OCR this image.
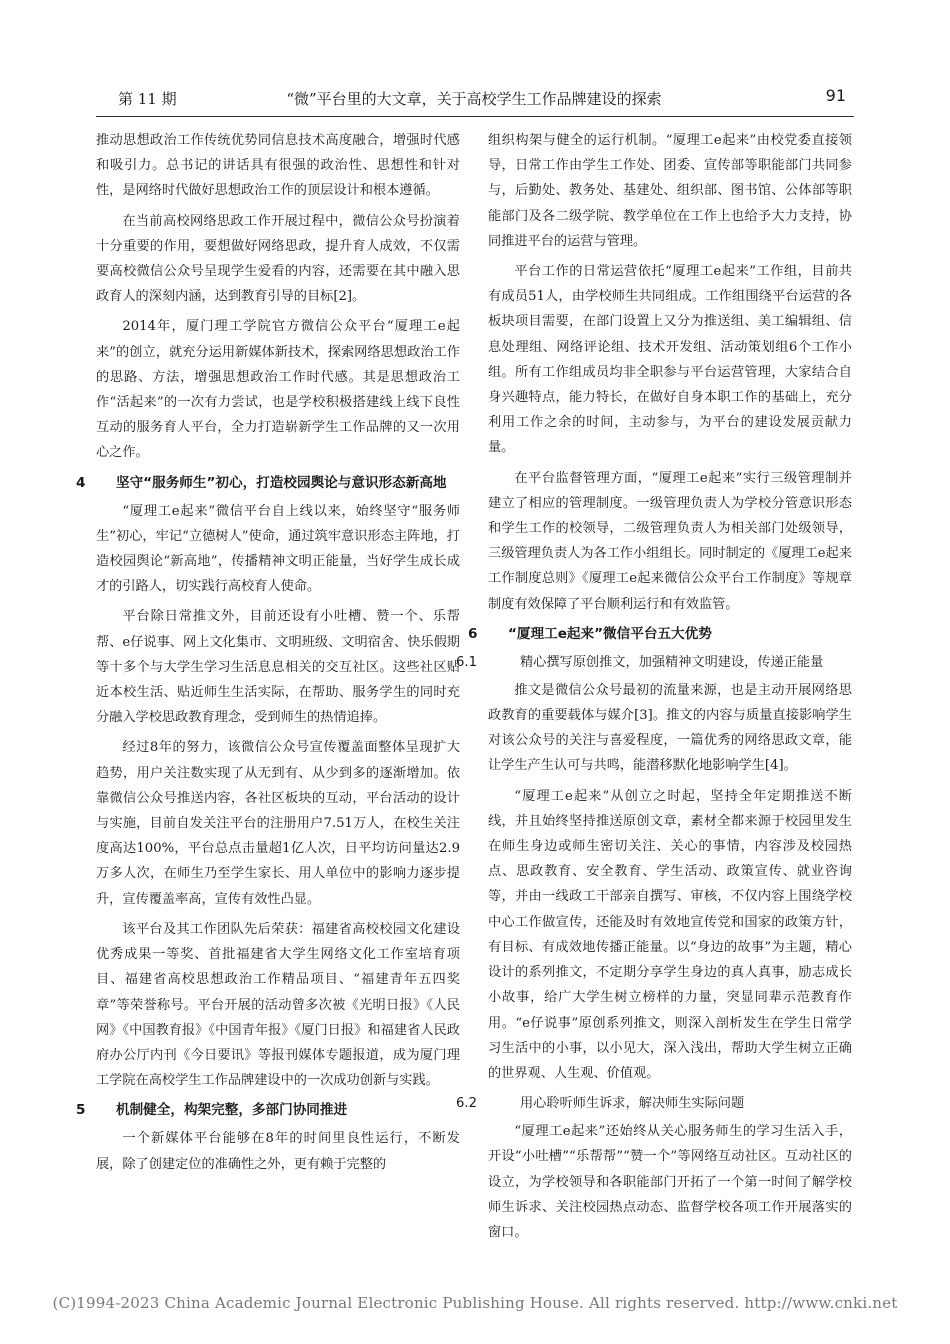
第 11 期	“微”平台里的大文章，关于高校学生工作品牌建设的探索	91

推动思想政治工作传统优势同信息技术高度融合，增强时代感和吸引力。总书记的讲话具有很强的政治性、思想性和针对性，是网络时代做好思想政治工作的顶层设计和根本遵循。

在当前高校网络思政工作开展过程中，微信公众号扮演着十分重要的作用，要想做好网络思政，提升育人成效，不仅需要高校微信公众号呈现学生爱看的内容，还需要在其中融入思政育人的深刻内涵，达到教育引导的目标[2]。

2014年，厦门理工学院官方微信公众平台“厦理工e起来”的创立，就充分运用新媒体新技术，探索网络思想政治工作的思路、方法，增强思想政治工作时代感。其是思想政治工作“活起来”的一次有力尝试，也是学校积极搭建线上线下良性互动的服务育人平台，全力打造崭新学生工作品牌的又一次用心之作。

4 坚守“服务师生”初心，打造校园舆论与意识形态新高地

“厦理工e起来”微信平台自上线以来，始终坚守“服务师生”初心，牢记“立德树人”使命，通过筑牢意识形态主阵地，打造校园舆论“新高地”，传播精神文明正能量，当好学生成长成才的引路人，切实践行高校育人使命。

平台除日常推文外，目前还设有小吐槽、赞一个、乐帮帮、e仔说事、网上文化集市、文明班级、文明宿舍、快乐假期等十多个与大学生学习生活息息相关的交互社区。这些社区贴近本校生活、贴近师生生活实际，在帮助、服务学生的同时充分融入学校思政教育理念，受到师生的热情追捧。

经过8年的努力，该微信公众号宣传覆盖面整体呈现扩大趋势，用户关注数实现了从无到有、从少到多的逐渐增加。依靠微信公众号推送内容，各社区板块的互动，平台活动的设计与实施，目前自发关注平台的注册用户7.51万人，在校生关注度高达100%，平台总点击量超1亿人次，日平均访问量达2.9万多人次，在师生乃至学生家长、用人单位中的影响力逐步提升，宣传覆盖率高，宣传有效性凸显。

该平台及其工作团队先后荣获：福建省高校校园文化建设优秀成果一等奖、首批福建省大学生网络文化工作室培育项目、福建省高校思想政治工作精品项目、“福建青年五四奖章”等荣誉称号。平台开展的活动曾多次被《光明日报》《人民网》《中国教育报》《中国青年报》《厦门日报》和福建省人民政府办公厅内刊《今日要讯》等报刊媒体专题报道，成为厦门理工学院在高校学生工作品牌建设中的一次成功创新与实践。

5 机制健全，构架完整，多部门协同推进

一个新媒体平台能够在8年的时间里良性运行，不断发展，除了创建定位的准确性之外，更有赖于完整的

组织构架与健全的运行机制。“厦理工e起来”由校党委直接领导，日常工作由学生工作处、团委、宣传部等职能部门共同参与，后勤处、教务处、基建处、组织部、图书馆、公体部等职能部门及各二级学院、教学单位在工作上也给予大力支持，协同推进平台的运营与管理。

平台工作的日常运营依托“厦理工e起来”工作组，目前共有成员51人，由学校师生共同组成。工作组围绕平台运营的各板块项目需要，在部门设置上又分为推送组、美工编辑组、信息处理组、网络评论组、技术开发组、活动策划组6个工作小组。所有工作组成员均非全职参与平台运营管理，大家结合自身兴趣特点，能力特长，在做好自身本职工作的基础上，充分利用工作之余的时间，主动参与，为平台的建设发展贡献力量。

在平台监督管理方面，“厦理工e起来”实行三级管理制并建立了相应的管理制度。一级管理负责人为学校分管意识形态和学生工作的校领导，二级管理负责人为相关部门处级领导，三级管理负责人为各工作小组组长。同时制定的《厦理工e起来工作制度总则》《厦理工e起来微信公众平台工作制度》等规章制度有效保障了平台顺利运行和有效监管。

6 “厦理工e起来”微信平台五大优势
6.1	精心撰写原创推文，加强精神文明建设，传递正能量

推文是微信公众号最初的流量来源，也是主动开展网络思政教育的重要载体与媒介[3]。推文的内容与质量直接影响学生对该公众号的关注与喜爱程度，一篇优秀的网络思政文章，能让学生产生认可与共鸣，能潜移默化地影响学生[4]。

“厦理工e起来”从创立之时起，坚持全年定期推送不断线，并且始终坚持推送原创文章，素材全都来源于校园里发生在师生身边或师生密切关注、关心的事情，内容涉及校园热点、思政教育、安全教育、学生活动、政策宣传、就业咨询等，并由一线政工干部亲自撰写、审核，不仅内容上围绕学校中心工作做宣传，还能及时有效地宣传党和国家的政策方针，有目标、有成效地传播正能量。以“身边的故事”为主题，精心设计的系列推文，不定期分享学生身边的真人真事，励志成长小故事，给广大学生树立榜样的力量，突显同辈示范教育作用。“e仔说事”原创系列推文，则深入剖析发生在学生日常学习生活中的小事，以小见大，深入浅出，帮助大学生树立正确的世界观、人生观、价值观。

6.2	用心聆听师生诉求，解决师生实际问题

“厦理工e起来”还始终从关心服务师生的学习生活入手，开设“小吐槽”“乐帮帮”“赞一个”等网络互动社区。互动社区的设立，为学校领导和各职能部门开拓了一个第一时间了解学校师生诉求、关注校园热点动态、监督学校各项工作开展落实的窗口。

(C)1994-2023 China Academic Journal Electronic Publishing House. All rights reserved. http://www.cnki.net
